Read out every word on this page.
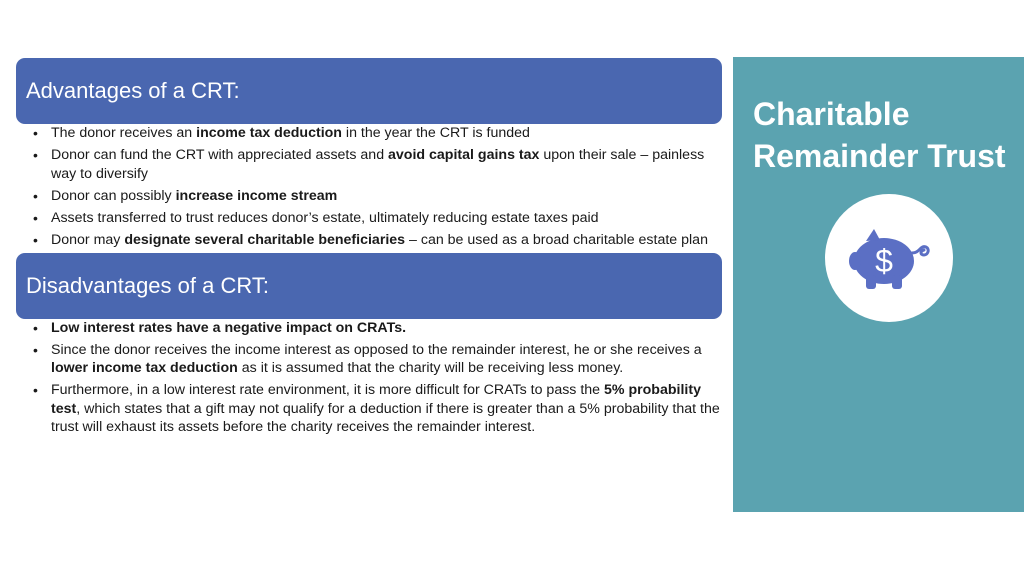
Advantages of a CRT:
• The donor receives an income tax deduction in the year the CRT is funded
• Donor can fund the CRT with appreciated assets and avoid capital gains tax upon their sale – painless way to diversify
• Donor can possibly increase income stream
• Assets transferred to trust reduces donor’s estate, ultimately reducing estate taxes paid
• Donor may designate several charitable beneficiaries – can be used as a broad charitable estate plan
Disadvantages of a CRT:
• Low interest rates have a negative impact on CRATs.
• Since the donor receives the income interest as opposed to the remainder interest, he or she receives a lower income tax deduction as it is assumed that the charity will be receiving less money.
• Furthermore, in a low interest rate environment, it is more difficult for CRATs to pass the 5% probability test, which states that a gift may not qualify for a deduction if there is greater than a 5% probability that the trust will exhaust its assets before the charity receives the remainder interest.
Charitable
Remainder Trust
$
